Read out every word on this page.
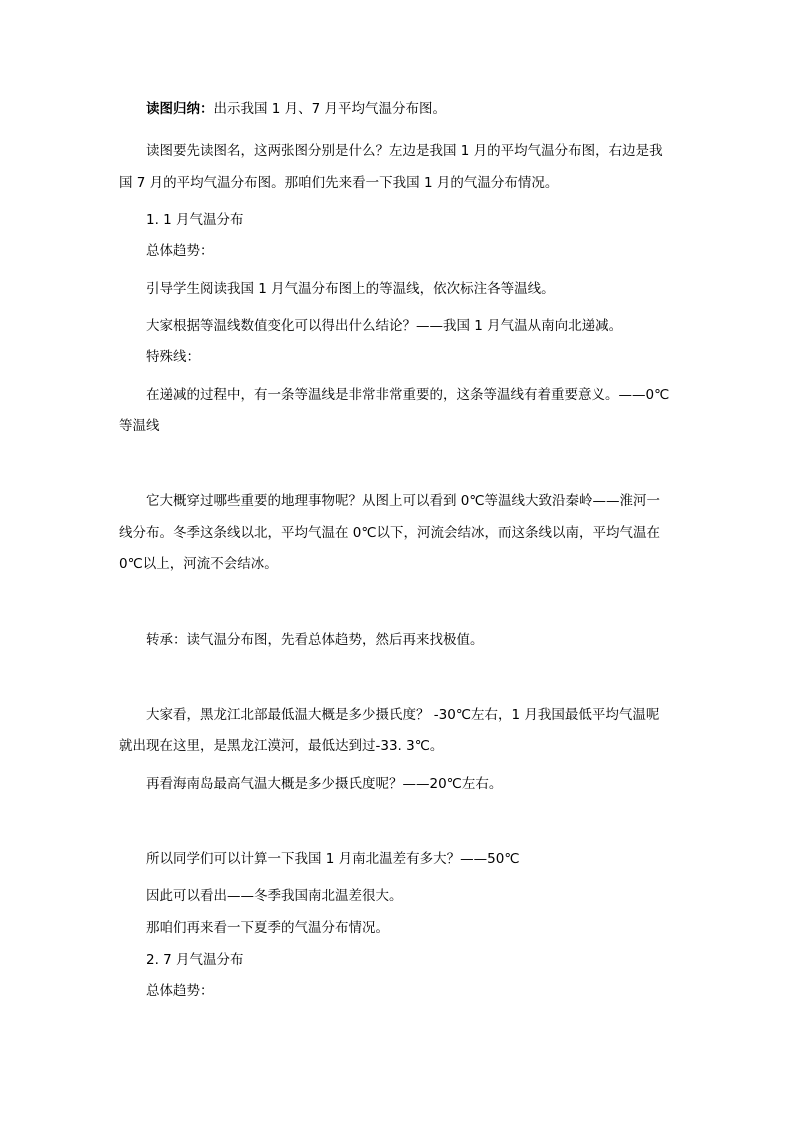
读图归纳：出示我国 1 月、7 月平均气温分布图。
读图要先读图名，这两张图分别是什么？左边是我国 1 月的平均气温分布图，右边是我
国 7 月的平均气温分布图。那咱们先来看一下我国 1 月的气温分布情况。
1. 1 月气温分布
总体趋势：
引导学生阅读我国 1 月气温分布图上的等温线，依次标注各等温线。
大家根据等温线数值变化可以得出什么结论？——我国 1 月气温从南向北递减。
特殊线：
在递减的过程中，有一条等温线是非常非常重要的，这条等温线有着重要意义。——0℃
等温线
它大概穿过哪些重要的地理事物呢？从图上可以看到 0℃等温线大致沿秦岭——淮河一
线分布。冬季这条线以北，平均气温在 0℃以下，河流会结冰，而这条线以南，平均气温在
0℃以上，河流不会结冰。
转承：读气温分布图，先看总体趋势，然后再来找极值。
大家看，黑龙江北部最低温大概是多少摄氏度？ -30℃左右，1 月我国最低平均气温呢
就出现在这里，是黑龙江漠河，最低达到过-33. 3℃。
再看海南岛最高气温大概是多少摄氏度呢？——20℃左右。
所以同学们可以计算一下我国 1 月南北温差有多大？——50℃
因此可以看出——冬季我国南北温差很大。
那咱们再来看一下夏季的气温分布情况。
2. 7 月气温分布
总体趋势：
